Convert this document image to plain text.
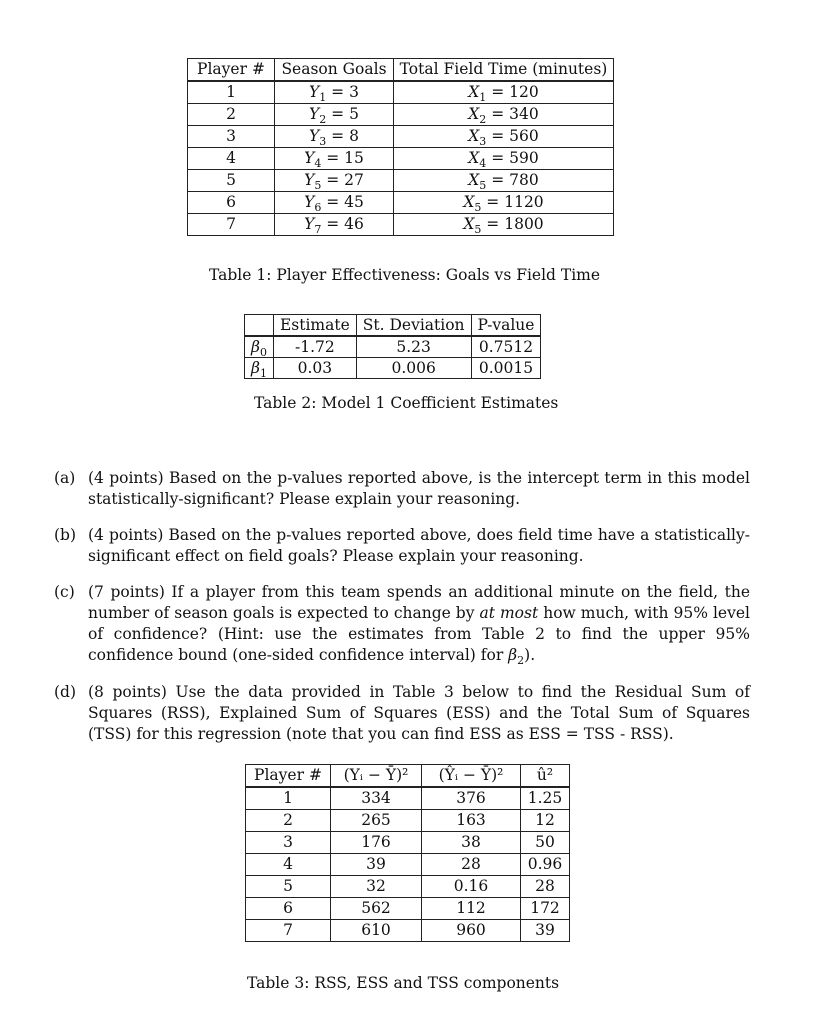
Player #	Season Goals	Total Field Time (minutes)
1	$Y_1 = 3$	$X_1 = 120$
2	$Y_2 = 5$	$X_2 = 340$
3	$Y_3 = 8$	$X_3 = 560$
4	$Y_4 = 15$	$X_4 = 590$
5	$Y_5 = 27$	$X_5 = 780$
6	$Y_6 = 45$	$X_5 = 1120$
7	$Y_7 = 46$	$X_5 = 1800$
Table 1: Player Effectiveness: Goals vs Field Time
	Estimate	St. Deviation	P-value
$\beta_0$	-1.72	5.23	0.7512
$\beta_1$	0.03	0.006	0.0015
Table 2: Model 1 Coefficient Estimates
(a) (4 points) Based on the p-values reported above, is the intercept term in this model statistically-significant? Please explain your reasoning.
(b) (4 points) Based on the p-values reported above, does field time have a statistically-significant effect on field goals? Please explain your reasoning.
(c) (7 points) If a player from this team spends an additional minute on the field, the number of season goals is expected to change by at most how much, with 95% level of confidence? (Hint: use the estimates from Table 2 to find the upper 95% confidence bound (one-sided confidence interval) for $\beta_2$).
(d) (8 points) Use the data provided in Table 3 below to find the Residual Sum of Squares (RSS), Explained Sum of Squares (ESS) and the Total Sum of Squares (TSS) for this regression (note that you can find ESS as ESS = TSS - RSS).
Player #	(Yᵢ − Ȳ)²	(Ŷᵢ − Ȳ)²	û²
1	334	376	1.25
2	265	163	12
3	176	38	50
4	39	28	0.96
5	32	0.16	28
6	562	112	172
7	610	960	39
Table 3: RSS, ESS and TSS components
